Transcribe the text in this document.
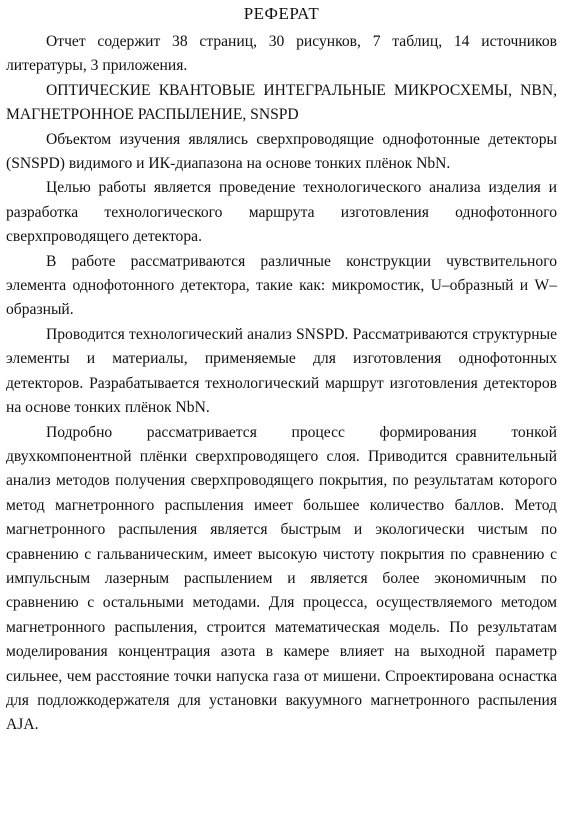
РЕФЕРАТ

Отчет содержит 38 страниц, 30 рисунков, 7 таблиц, 14 источников литературы, 3 приложения.

ОПТИЧЕСКИЕ КВАНТОВЫЕ ИНТЕГРАЛЬНЫЕ МИКРОСХЕМЫ, NBN, МАГНЕТРОННОЕ РАСПЫЛЕНИЕ, SNSPD

Объектом изучения являлись сверхпроводящие однофотонные детекторы (SNSPD) видимого и ИК-диапазона на основе тонких плёнок NbN.

Целью работы является проведение технологического анализа изделия и разработка технологического маршрута изготовления однофотонного сверхпроводящего детектора.

В работе рассматриваются различные конструкции чувствительного элемента однофотонного детектора, такие как: микромостик, U–образный и W–образный.

Проводится технологический анализ SNSPD. Рассматриваются структурные элементы и материалы, применяемые для изготовления однофотонных детекторов. Разрабатывается технологический маршрут изготовления детекторов на основе тонких плёнок NbN.

Подробно рассматривается процесс формирования тонкой двухкомпонентной плёнки сверхпроводящего слоя. Приводится сравнительный анализ методов получения сверхпроводящего покрытия, по результатам которого метод магнетронного распыления имеет большее количество баллов. Метод магнетронного распыления является быстрым и экологически чистым по сравнению с гальваническим, имеет высокую чистоту покрытия по сравнению с импульсным лазерным распылением и является более экономичным по сравнению с остальными методами. Для процесса, осуществляемого методом магнетронного распыления, строится математическая модель. По результатам моделирования концентрация азота в камере влияет на выходной параметр сильнее, чем расстояние точки напуска газа от мишени. Спроектирована оснастка для подложкодержателя для установки вакуумного магнетронного распыления AJA.
